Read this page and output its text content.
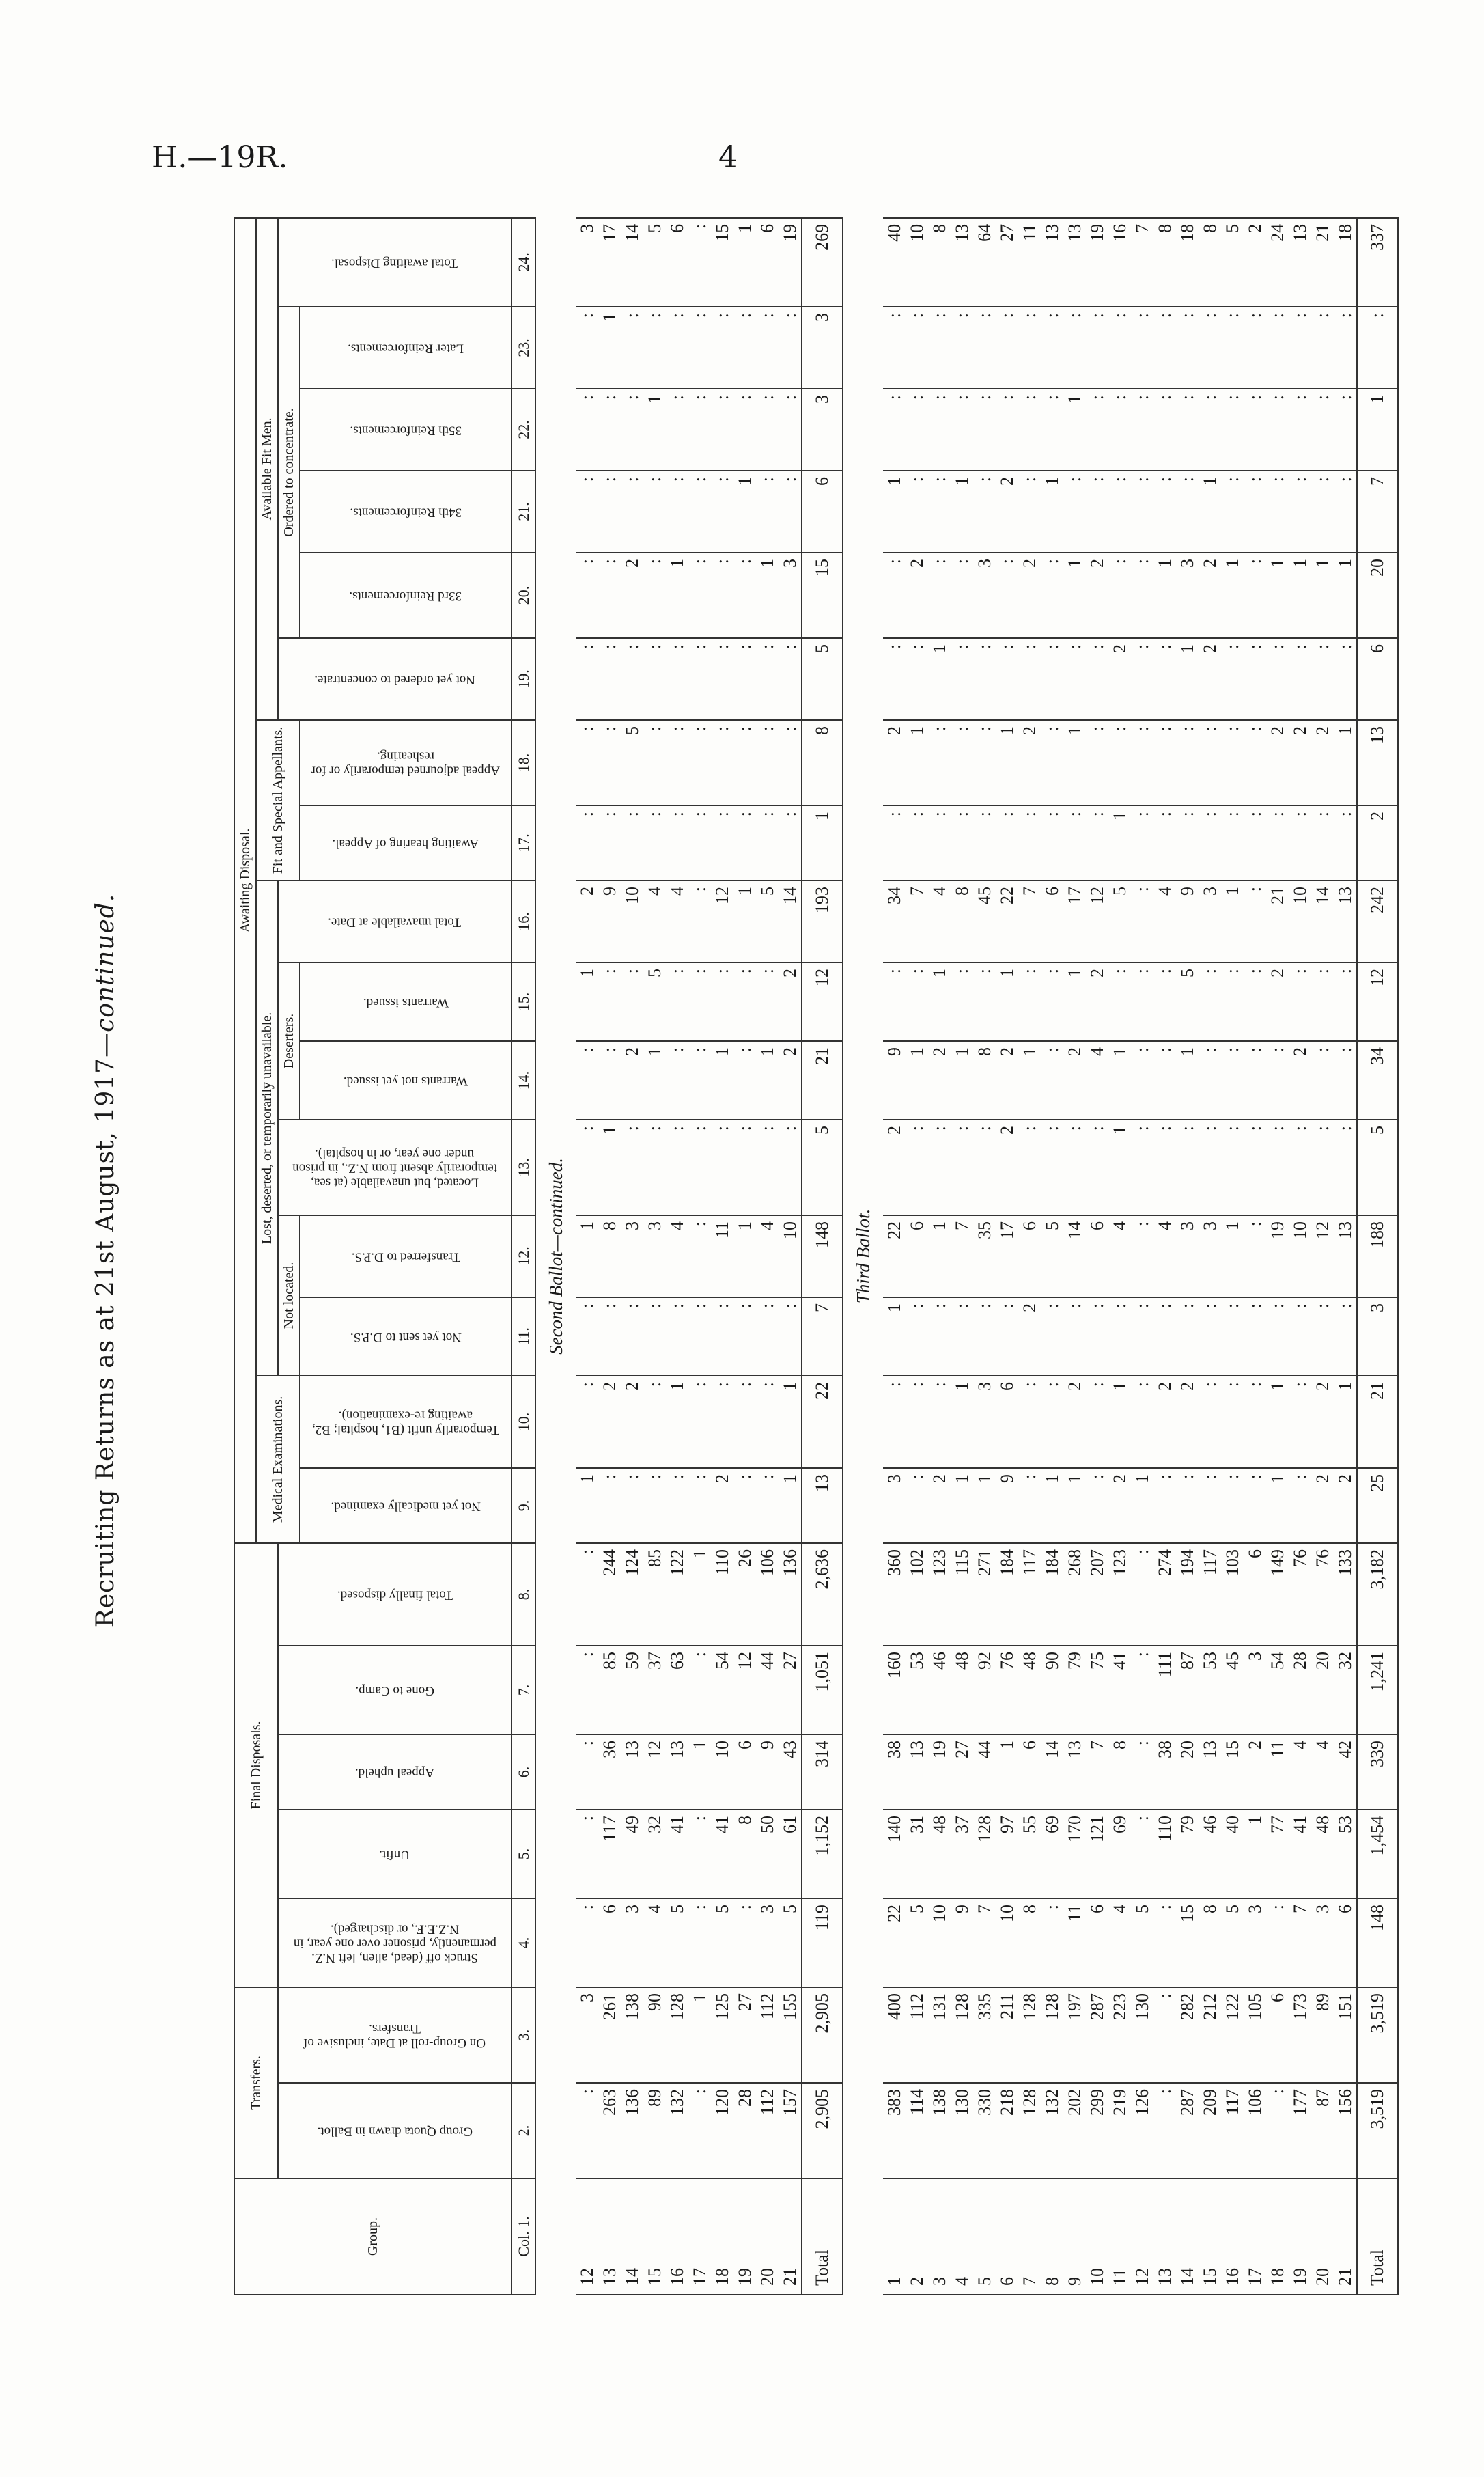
H.—19R.	4
Recruiting Returns as at 21st August, 1917—continued.
Group.	Transfers.		Final Disposals.					Awaiting Disposal.															
								Medical Examinations.		Lost, deserted, or temporarily unavailable.						Fit and Special Appellants.		Available Fit Men.					
	Group Quota drawn in Ballot.	On Group-roll at Date, inclusive of Transfers.	Struck off (dead, alien, left N.Z. permanently, prisoner over one year, in N.Z.E.F., or discharged).	Unfit.	Appeal upheld.	Gone to Camp.	Total finally disposed.			Not located.		Located, but unavailable (at sea, temporarily absent from N.Z., in prison under one year, or in hospital).	Deserters.		Total unavailable at Date.			Not yet ordered to concentrate.	Ordered to concentrate.				Total awaiting Disposal.
								Not yet medically examined.	Temporarily unfit (B1, hospital; B2, awaiting re-examination).	Not yet sent to D.P.S.	Transferred to D.P.S.		Warrants not yet issued.	Warrants issued.		Awaiting hearing of Appeal.	Appeal adjourned temporarily or for reshearing.		33rd Reinforcements.	34th Reinforcements.	35th Reinforcements.	Later Reinforcements.	
Col. 1.	2.	3.	4.	5.	6.	7.	8.	9.	10.	11.	12.	13.	14.	15.	16.	17.	18.	19.	20.	21.	22.	23.	24.
Second Ballot—continued.																							
12	:	3	:	:	:	:	:	1	:	:	1	:	:	1	2	:	:	:	:	:	:	:	3
13	263	261	6	117	36	85	244	:	2	:	8	1	:	:	9	:	:	:	:	:	:	1	17
14	136	138	3	49	13	59	124	:	2	:	3	:	2	:	10	:	5	:	2	:	:	:	14
15	89	90	4	32	12	37	85	:	:	:	3	:	1	5	4	:	:	:	:	:	1	:	5
16	132	128	5	41	13	63	122	:	1	:	4	:	:	:	4	:	:	:	1	:	:	:	6
17	:	1	:	:	1	:	1	:	:	:	:	:	:	:	:	:	:	:	:	:	:	:	:
18	120	125	5	41	10	54	110	2	:	:	11	:	1	:	12	:	:	:	:	:	:	:	15
19	28	27	:	8	6	12	26	:	:	:	1	:	:	:	1	:	:	:	:	1	:	:	1
20	112	112	3	50	9	44	106	:	:	:	4	:	1	:	5	:	:	:	1	:	:	:	6
21	157	155	5	61	43	27	136	1	1	:	10	:	2	2	14	:	:	:	3	:	:	:	19
Total	2,905	2,905	119	1,152	314	1,051	2,636	13	22	7	148	5	21	12	193	1	8	5	15	6	3	3	269
Third Ballot.																							
1	383	400	22	140	38	160	360	3	:	1	22	2	9	:	34	:	2	:	:	1	:	:	40
2	114	112	5	31	13	53	102	:	:	:	6	:	1	:	7	:	1	:	2	:	:	:	10
3	138	131	10	48	19	46	123	2	:	:	1	:	2	1	4	:	:	1	:	:	:	:	8
4	130	128	9	37	27	48	115	1	1	:	7	:	1	:	8	:	:	:	:	1	:	:	13
5	330	335	7	128	44	92	271	1	3	:	35	:	8	:	45	:	:	:	3	:	:	:	64
6	218	211	10	97	1	76	184	9	6	:	17	2	2	1	22	:	1	:	:	2	:	:	27
7	128	128	8	55	6	48	117	:	:	2	6	:	1	:	7	:	2	:	2	:	:	:	11
8	132	128	:	69	14	90	184	1	:	:	5	:	:	:	6	:	:	:	:	1	:	:	13
9	202	197	11	170	13	79	268	1	2	:	14	:	2	1	17	:	1	:	1	:	1	:	13
10	299	287	6	121	7	75	207	:	:	:	6	:	4	2	12	:	:	:	2	:	:	:	19
11	219	223	4	69	8	41	123	2	1	:	4	1	1	:	5	1	:	2	:	:	:	:	16
12	126	130	5	:	:	:	:	1	:	:	:	:	:	:	:	:	:	:	:	:	:	:	7
13	:	:	:	110	38	111	274	:	2	:	4	:	:	:	4	:	:	:	1	:	:	:	8
14	287	282	15	79	20	87	194	:	2	:	3	:	1	5	9	:	:	1	3	:	:	:	18
15	209	212	8	46	13	53	117	:	:	:	3	:	:	:	3	:	:	2	2	1	:	:	8
16	117	122	5	40	15	45	103	:	:	:	1	:	:	:	1	:	:	:	1	:	:	:	5
17	106	105	3	1	2	3	6	:	:	:	:	:	:	:	:	:	:	:	:	:	:	:	2
18	:	6	:	77	11	54	149	1	1	:	19	:	:	2	21	:	2	:	1	:	:	:	24
19	177	173	7	41	4	28	76	:	:	:	10	:	2	:	10	:	2	:	1	:	:	:	13
20	87	89	3	48	4	20	76	2	2	:	12	:	:	:	14	:	2	:	1	:	:	:	21
21	156	151	6	53	42	32	133	2	1	:	13	:	:	:	13	:	1	:	1	:	:	:	18
Total	3,519	3,519	148	1,454	339	1,241	3,182	25	21	3	188	5	34	12	242	2	13	6	20	7	1	:	337
